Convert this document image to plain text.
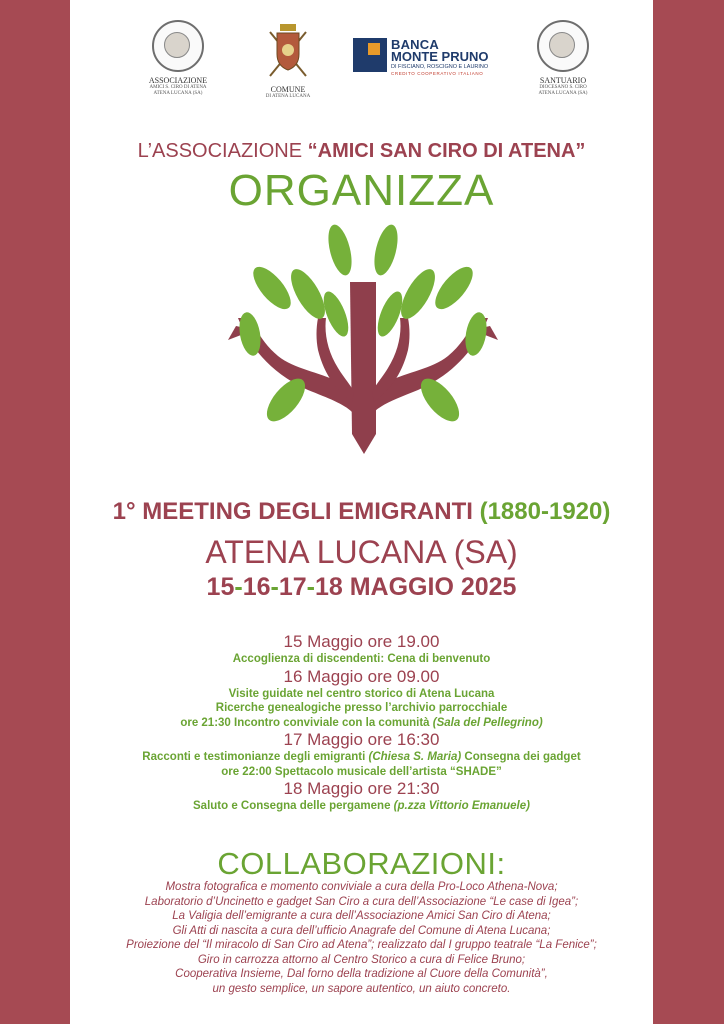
ASSOCIAZIONE
AMICI S. CIRO DI ATENA
ATENA LUCANA (SA)	COMUNE
DI ATENA LUCANA
BANCA
MONTE PRUNO
DI FISCIANO, ROSCIGNO E LAURINO
CREDITO COOPERATIVO ITALIANO
SANTUARIO
DIOCESANO S. CIRO
ATENA LUCANA (SA)
L’ASSOCIAZIONE “AMICI SAN CIRO DI ATENA”
ORGANIZZA
1° MEETING DEGLI EMIGRANTI (1880-1920)
ATENA LUCANA (SA)
15-16-17-18 MAGGIO 2025
15 Maggio ore 19.00
Accoglienza di discendenti: Cena di benvenuto
16 Maggio ore 09.00
Visite guidate nel centro storico di Atena Lucana
Ricerche genealogiche presso l’archivio parrocchiale
ore 21:30 Incontro conviviale con la comunità (Sala del Pellegrino)
17 Maggio ore 16:30
Racconti e testimonianze degli emigranti (Chiesa S. Maria) Consegna dei gadget
ore 22:00 Spettacolo musicale dell’artista “SHADE”
18 Maggio ore 21:30
Saluto e Consegna delle pergamene (p.zza Vittorio Emanuele)
COLLABORAZIONI:
Mostra fotografica e momento conviviale a cura della Pro-Loco Athena-Nova;
Laboratorio d’Uncinetto e gadget San Ciro a cura dell’Associazione “Le case di Igea”;
La Valigia dell’emigrante a cura dell’Associazione Amici San Ciro di Atena;
Gli Atti di nascita a cura dell’ufficio Anagrafe del Comune di Atena Lucana;
Proiezione del “Il miracolo di San Ciro ad Atena”; realizzato dal I gruppo teatrale “La Fenice”;
Giro in carrozza attorno al Centro Storico a cura di Felice Bruno;
Cooperativa Insieme, Dal forno della tradizione al Cuore della Comunità”,
un gesto semplice, un sapore autentico, un aiuto concreto.
